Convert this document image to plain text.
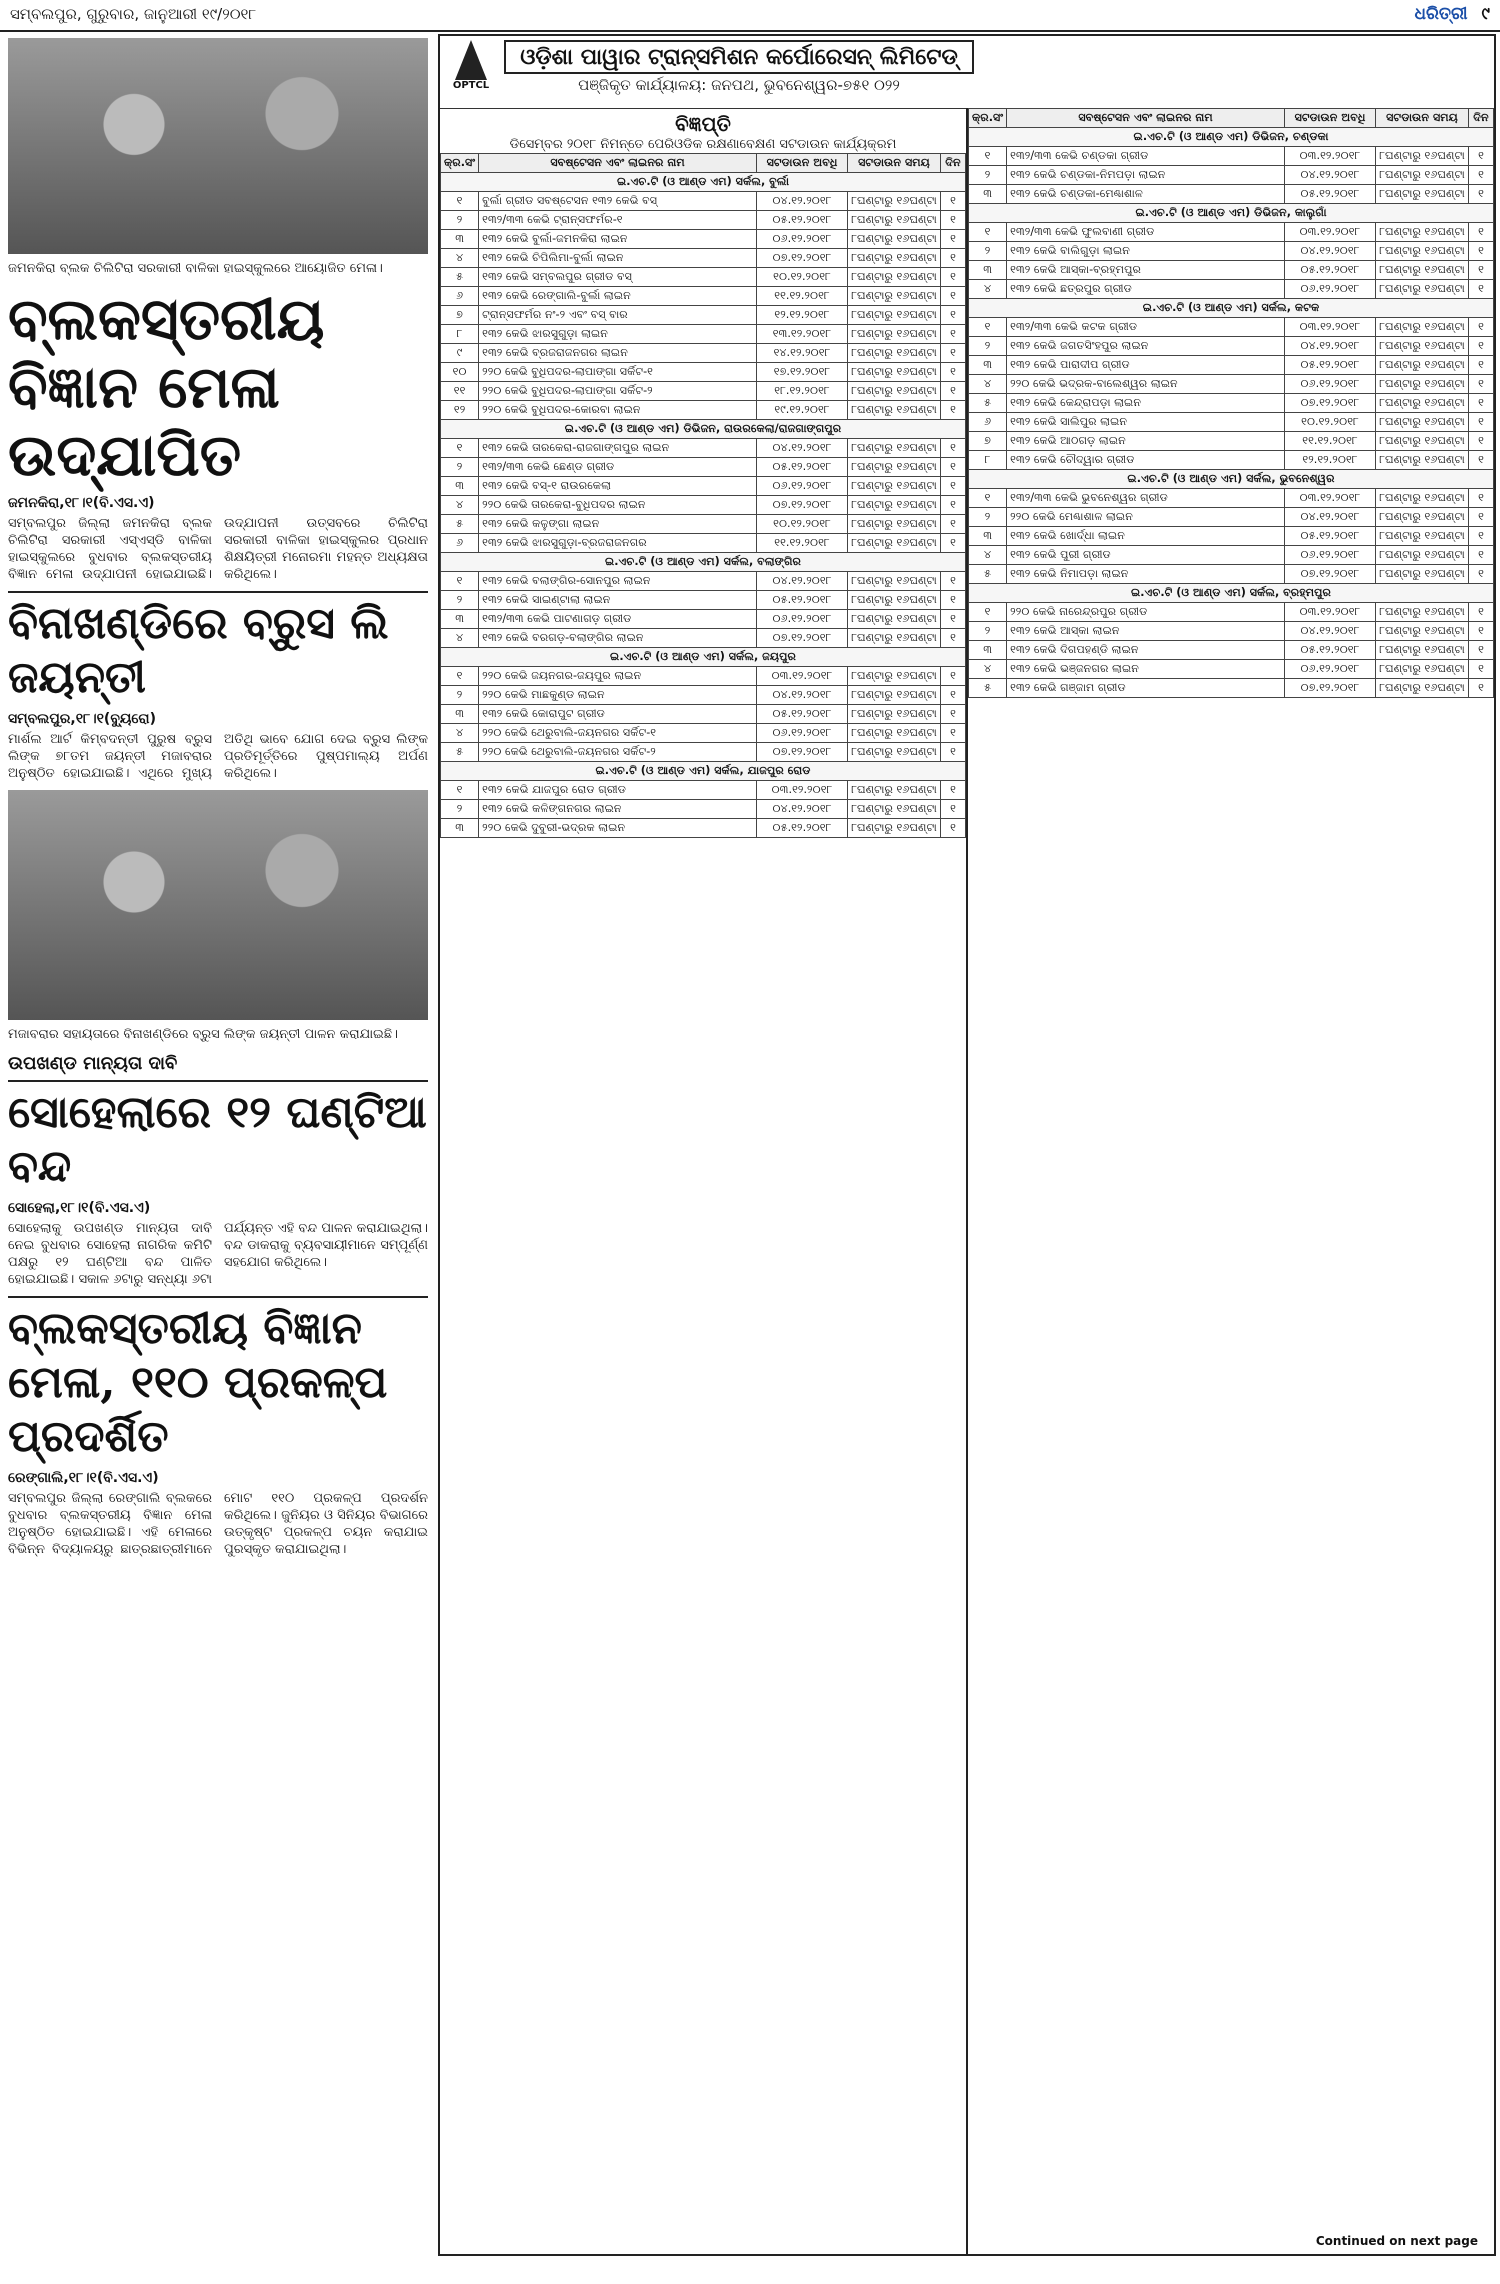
ସମ୍ବଲପୁର, ଗୁରୁବାର, ଜାନୁଆରୀ ୧୯/୨୦୧୮	ଧରିତ୍ରୀ ୯
ଜମନକିରା ବ୍ଲକ ଚିଲିଟିରା ସରକାରୀ ବାଳିକା ହାଇସ୍କୁଲରେ ଆୟୋଜିତ ମେଳା।
ବ୍ଲକସ୍ତରୀୟ ବିଜ୍ଞାନ ମେଳା ଉଦ୍‌ଯାପିତ
ଜମନକିରା,୧୮।୧(ବି.ଏସ.ଏ)
ସମ୍ବଲପୁର ଜିଲ୍ଲା ଜମନକିରା ବ୍ଲକ ଚିଲିଟିରା ସରକାରୀ ଏସ୍‌ଏସ୍‌ଡି ବାଳିକା ହାଇସ୍କୁଲରେ ବୁଧବାର ବ୍ଲକସ୍ତରୀୟ ବିଜ୍ଞାନ ମେଳା ଉଦ୍‌ଯାପନୀ ହୋଇଯାଇଛି। ଉଦ୍‌ଯାପନୀ ଉତ୍ସବରେ ଚିଲିଟିରା ସରକାରୀ ବାଳିକା ହାଇସ୍କୁଲର ପ୍ରଧାନ ଶିକ୍ଷୟିତ୍ରୀ ମନୋରମା ମହନ୍ତ ଅଧ୍ୟକ୍ଷତା କରିଥିଲେ।
ବିନାଖଣ୍ଡିରେ ବ୍ରୁସ ଲି ଜୟନ୍ତୀ
ସମ୍ବଲପୁର,୧୮।୧(ବ୍ୟୁରୋ)
ମାର୍ଶଲ ଆର୍ଟ କିମ୍ବଦନ୍ତୀ ପୁରୁଷ ବ୍ରୁସ ଲିଙ୍କ ୭୮ତମ ଜୟନ୍ତୀ ମଜାବରାର ଅନୁଷ୍ଠିତ ହୋଇଯାଇଛି। ଏଥିରେ ମୁଖ୍ୟ ଅତିଥି ଭାବେ ଯୋଗ ଦେଇ ବ୍ରୁସ ଲିଙ୍କ ପ୍ରତିମୂର୍ତ୍ତିରେ ପୁଷ୍ପମାଲ୍ୟ ଅର୍ପଣ କରିଥିଲେ।
ମଜାବରାର ସହାୟତାରେ ବିନାଖଣ୍ଡିରେ ବ୍ରୁସ ଲିଙ୍କ ଜୟନ୍ତୀ ପାଳନ କରାଯାଇଛି।
ଉପଖଣ୍ଡ ମାନ୍ୟତା ଦାବି
ସୋହେଲାରେ ୧୨ ଘଣ୍ଟିଆ ବନ୍ଦ
ସୋହେଲା,୧୮।୧(ବି.ଏସ.ଏ)
ସୋହେଲାକୁ ଉପଖଣ୍ଡ ମାନ୍ୟତା ଦାବି ନେଇ ବୁଧବାର ସୋହେଲା ନାଗରିକ କମିଟି ପକ୍ଷରୁ ୧୨ ଘଣ୍ଟିଆ ବନ୍ଦ ପାଳିତ ହୋଇଯାଇଛି। ସକାଳ ୬ଟାରୁ ସନ୍ଧ୍ୟା ୬ଟା ପର୍ଯ୍ୟନ୍ତ ଏହି ବନ୍ଦ ପାଳନ କରାଯାଇଥିଲା। ବନ୍ଦ ଡାକରାକୁ ବ୍ୟବସାୟୀମାନେ ସମ୍ପୂର୍ଣ୍ଣ ସହଯୋଗ କରିଥିଲେ।
ବ୍ଲକସ୍ତରୀୟ ବିଜ୍ଞାନ ମେଳା, ୧୧୦ ପ୍ରକଳ୍ପ ପ୍ରଦର୍ଶିତ
ରେଙ୍ଗାଲି,୧୮।୧(ବି.ଏସ.ଏ)
ସମ୍ବଲପୁର ଜିଲ୍ଲା ରେଙ୍ଗାଲି ବ୍ଲକରେ ବୁଧବାର ବ୍ଲକସ୍ତରୀୟ ବିଜ୍ଞାନ ମେଳା ଅନୁଷ୍ଠିତ ହୋଇଯାଇଛି। ଏହି ମେଳାରେ ବିଭିନ୍ନ ବିଦ୍ୟାଳୟରୁ ଛାତ୍ରଛାତ୍ରୀମାନେ ମୋଟ ୧୧୦ ପ୍ରକଳ୍ପ ପ୍ରଦର୍ଶନ କରିଥିଲେ। ଜୁନିୟର ଓ ସିନିୟର ବିଭାଗରେ ଉତ୍କୃଷ୍ଟ ପ୍ରକଳ୍ପ ଚୟନ କରାଯାଇ ପୁରସ୍କୃତ କରାଯାଇଥିଲା।
OPTCL
ଓଡ଼ିଶା ପାୱାର ଟ୍ରାନ୍ସମିଶନ କର୍ପୋରେସନ୍ ଲିମିଟେଡ୍
ପଞ୍ଜିକୃତ କାର୍ଯ୍ୟାଳୟ: ଜନପଥ, ଭୁବନେଶ୍ୱର-୭୫୧ ୦୨୨
ବିଜ୍ଞପ୍ତି
ଡିସେମ୍ବର ୨୦୧୮ ନିମନ୍ତେ ପେରିଓଡିକ ରକ୍ଷଣାବେକ୍ଷଣ ସଟଡାଉନ କାର୍ଯ୍ୟକ୍ରମ
କ୍ର.ସଂ	ସବଷ୍ଟେସନ ଏବଂ ଲାଇନର ନାମ	ସଟଡାଉନ ଅବଧି	ସଟଡାଉନ ସମୟ	ଦିନ
ଇ.ଏଚ.ଟି (ଓ ଆଣ୍ଡ ଏମ) ସର୍କଲ, ବୁର୍ଲା				
୧	ବୁର୍ଲା ଗ୍ରୀଡ ସବଷ୍ଟେସନ ୧୩୨ କେଭି ବସ୍	୦୪.୧୨.୨୦୧୮	୮ଘଣ୍ଟାରୁ ୧୬ଘଣ୍ଟା	୧
୨	୧୩୨/୩୩ କେଭି ଟ୍ରାନ୍ସଫର୍ମର-୧	୦୫.୧୨.୨୦୧୮	୮ଘଣ୍ଟାରୁ ୧୬ଘଣ୍ଟା	୧
୩	୧୩୨ କେଭି ବୁର୍ଲା-ଜମନକିରା ଲାଇନ	୦୬.୧୨.୨୦୧୮	୮ଘଣ୍ଟାରୁ ୧୬ଘଣ୍ଟା	୧
୪	୧୩୨ କେଭି ଚିପିଲିମା-ବୁର୍ଲା ଲାଇନ	୦୭.୧୨.୨୦୧୮	୮ଘଣ୍ଟାରୁ ୧୬ଘଣ୍ଟା	୧
୫	୧୩୨ କେଭି ସମ୍ବଲପୁର ଗ୍ରୀଡ ବସ୍	୧୦.୧୨.୨୦୧୮	୮ଘଣ୍ଟାରୁ ୧୬ଘଣ୍ଟା	୧
୬	୧୩୨ କେଭି ରେଙ୍ଗାଲି-ବୁର୍ଲା ଲାଇନ	୧୧.୧୨.୨୦୧୮	୮ଘଣ୍ଟାରୁ ୧୬ଘଣ୍ଟା	୧
୭	ଟ୍ରାନ୍ସଫର୍ମର ନଂ-୨ ଏବଂ ବସ୍ ବାର	୧୨.୧୨.୨୦୧୮	୮ଘଣ୍ଟାରୁ ୧୬ଘଣ୍ଟା	୧
୮	୧୩୨ କେଭି ଝାରସୁଗୁଡ଼ା ଲାଇନ	୧୩.୧୨.୨୦୧୮	୮ଘଣ୍ଟାରୁ ୧୬ଘଣ୍ଟା	୧
୯	୧୩୨ କେଭି ବ୍ରଜରାଜନଗର ଲାଇନ	୧୪.୧୨.୨୦୧୮	୮ଘଣ୍ଟାରୁ ୧୬ଘଣ୍ଟା	୧
୧୦	୨୨୦ କେଭି ବୁଧିପଦର-ଲାପାଙ୍ଗା ସର୍କିଟ-୧	୧୭.୧୨.୨୦୧୮	୮ଘଣ୍ଟାରୁ ୧୬ଘଣ୍ଟା	୧
୧୧	୨୨୦ କେଭି ବୁଧିପଦର-ଲାପାଙ୍ଗା ସର୍କିଟ-୨	୧୮.୧୨.୨୦୧୮	୮ଘଣ୍ଟାରୁ ୧୬ଘଣ୍ଟା	୧
୧୨	୨୨୦ କେଭି ବୁଧିପଦର-କୋରବା ଲାଇନ	୧୯.୧୨.୨୦୧୮	୮ଘଣ୍ଟାରୁ ୧୬ଘଣ୍ଟା	୧
ଇ.ଏଚ.ଟି (ଓ ଆଣ୍ଡ ଏମ) ଡିଭିଜନ, ରାଉରକେଲା/ରାଜଗାଙ୍ଗପୁର				
୧	୧୩୨ କେଭି ତାରକେରା-ରାଜଗାଙ୍ଗପୁର ଲାଇନ	୦୪.୧୨.୨୦୧୮	୮ଘଣ୍ଟାରୁ ୧୬ଘଣ୍ଟା	୧
୨	୧୩୨/୩୩ କେଭି ଛେଣ୍ଡ ଗ୍ରୀଡ	୦୫.୧୨.୨୦୧୮	୮ଘଣ୍ଟାରୁ ୧୬ଘଣ୍ଟା	୧
୩	୧୩୨ କେଭି ବସ୍-୧ ରାଉରକେଲା	୦୬.୧୨.୨୦୧୮	୮ଘଣ୍ଟାରୁ ୧୬ଘଣ୍ଟା	୧
୪	୨୨୦ କେଭି ତାରକେରା-ବୁଧିପଦର ଲାଇନ	୦୭.୧୨.୨୦୧୮	୮ଘଣ୍ଟାରୁ ୧୬ଘଣ୍ଟା	୧
୫	୧୩୨ କେଭି କଳୁଙ୍ଗା ଲାଇନ	୧୦.୧୨.୨୦୧୮	୮ଘଣ୍ଟାରୁ ୧୬ଘଣ୍ଟା	୧
୬	୧୩୨ କେଭି ଝାରସୁଗୁଡ଼ା-ବ୍ରଜରାଜନଗର	୧୧.୧୨.୨୦୧୮	୮ଘଣ୍ଟାରୁ ୧୬ଘଣ୍ଟା	୧
ଇ.ଏଚ.ଟି (ଓ ଆଣ୍ଡ ଏମ) ସର୍କଲ, ବଲାଙ୍ଗିର				
୧	୧୩୨ କେଭି ବଲାଙ୍ଗିର-ସୋନପୁର ଲାଇନ	୦୪.୧୨.୨୦୧୮	୮ଘଣ୍ଟାରୁ ୧୬ଘଣ୍ଟା	୧
୨	୧୩୨ କେଭି ସାଇଣ୍ଟାଲା ଲାଇନ	୦୫.୧୨.୨୦୧୮	୮ଘଣ୍ଟାରୁ ୧୬ଘଣ୍ଟା	୧
୩	୧୩୨/୩୩ କେଭି ପାଟଣାଗଡ଼ ଗ୍ରୀଡ	୦୬.୧୨.୨୦୧୮	୮ଘଣ୍ଟାରୁ ୧୬ଘଣ୍ଟା	୧
୪	୧୩୨ କେଭି ବରଗଡ଼-ବଲାଙ୍ଗିର ଲାଇନ	୦୭.୧୨.୨୦୧୮	୮ଘଣ୍ଟାରୁ ୧୬ଘଣ୍ଟା	୧
ଇ.ଏଚ.ଟି (ଓ ଆଣ୍ଡ ଏମ) ସର୍କଲ, ଜୟପୁର				
୧	୨୨୦ କେଭି ଜୟନଗର-ଜୟପୁର ଲାଇନ	୦୩.୧୨.୨୦୧୮	୮ଘଣ୍ଟାରୁ ୧୬ଘଣ୍ଟା	୧
୨	୨୨୦ କେଭି ମାଛକୁଣ୍ଡ ଲାଇନ	୦୪.୧୨.୨୦୧୮	୮ଘଣ୍ଟାରୁ ୧୬ଘଣ୍ଟା	୧
୩	୧୩୨ କେଭି କୋରାପୁଟ ଗ୍ରୀଡ	୦୫.୧୨.୨୦୧୮	୮ଘଣ୍ଟାରୁ ୧୬ଘଣ୍ଟା	୧
୪	୨୨୦ କେଭି ଥେରୁବାଲି-ଜୟନଗର ସର୍କିଟ-୧	୦୬.୧୨.୨୦୧୮	୮ଘଣ୍ଟାରୁ ୧୬ଘଣ୍ଟା	୧
୫	୨୨୦ କେଭି ଥେରୁବାଲି-ଜୟନଗର ସର୍କିଟ-୨	୦୭.୧୨.୨୦୧୮	୮ଘଣ୍ଟାରୁ ୧୬ଘଣ୍ଟା	୧
ଇ.ଏଚ.ଟି (ଓ ଆଣ୍ଡ ଏମ) ସର୍କଲ, ଯାଜପୁର ରୋଡ				
୧	୧୩୨ କେଭି ଯାଜପୁର ରୋଡ ଗ୍ରୀଡ	୦୩.୧୨.୨୦୧୮	୮ଘଣ୍ଟାରୁ ୧୬ଘଣ୍ଟା	୧
୨	୧୩୨ କେଭି କଳିଙ୍ଗନଗର ଲାଇନ	୦୪.୧୨.୨୦୧୮	୮ଘଣ୍ଟାରୁ ୧୬ଘଣ୍ଟା	୧
୩	୨୨୦ କେଭି ଦୁବୁରୀ-ଭଦ୍ରକ ଲାଇନ	୦୫.୧୨.୨୦୧୮	୮ଘଣ୍ଟାରୁ ୧୬ଘଣ୍ଟା	୧
କ୍ର.ସଂ	ସବଷ୍ଟେସନ ଏବଂ ଲାଇନର ନାମ	ସଟଡାଉନ ଅବଧି	ସଟଡାଉନ ସମୟ	ଦିନ
ଇ.ଏଚ.ଟି (ଓ ଆଣ୍ଡ ଏମ) ଡିଭିଜନ, ଚଣ୍ଡକା				
୧	୧୩୨/୩୩ କେଭି ଚଣ୍ଡକା ଗ୍ରୀଡ	୦୩.୧୨.୨୦୧୮	୮ଘଣ୍ଟାରୁ ୧୬ଘଣ୍ଟା	୧
୨	୧୩୨ କେଭି ଚଣ୍ଡକା-ନିମପଡ଼ା ଲାଇନ	୦୪.୧୨.୨୦୧୮	୮ଘଣ୍ଟାରୁ ୧୬ଘଣ୍ଟା	୧
୩	୧୩୨ କେଭି ଚଣ୍ଡକା-ମେଣ୍ଢାଶାଳ	୦୫.୧୨.୨୦୧୮	୮ଘଣ୍ଟାରୁ ୧୬ଘଣ୍ଟା	୧
ଇ.ଏଚ.ଟି (ଓ ଆଣ୍ଡ ଏମ) ଡିଭିଜନ, କାଲୁଗାଁ				
୧	୧୩୨/୩୩ କେଭି ଫୁଲବାଣୀ ଗ୍ରୀଡ	୦୩.୧୨.୨୦୧୮	୮ଘଣ୍ଟାରୁ ୧୬ଘଣ୍ଟା	୧
୨	୧୩୨ କେଭି ବାଲିଗୁଡ଼ା ଲାଇନ	୦୪.୧୨.୨୦୧୮	୮ଘଣ୍ଟାରୁ ୧୬ଘଣ୍ଟା	୧
୩	୧୩୨ କେଭି ଆସ୍କା-ବ୍ରହ୍ମପୁର	୦୫.୧୨.୨୦୧୮	୮ଘଣ୍ଟାରୁ ୧୬ଘଣ୍ଟା	୧
୪	୧୩୨ କେଭି ଛତ୍ରପୁର ଗ୍ରୀଡ	୦୬.୧୨.୨୦୧୮	୮ଘଣ୍ଟାରୁ ୧୬ଘଣ୍ଟା	୧
ଇ.ଏଚ.ଟି (ଓ ଆଣ୍ଡ ଏମ) ସର୍କଲ, କଟକ				
୧	୧୩୨/୩୩ କେଭି କଟକ ଗ୍ରୀଡ	୦୩.୧୨.୨୦୧୮	୮ଘଣ୍ଟାରୁ ୧୬ଘଣ୍ଟା	୧
୨	୧୩୨ କେଭି ଜଗତସିଂହପୁର ଲାଇନ	୦୪.୧୨.୨୦୧୮	୮ଘଣ୍ଟାରୁ ୧୬ଘଣ୍ଟା	୧
୩	୧୩୨ କେଭି ପାରାଦୀପ ଗ୍ରୀଡ	୦୫.୧୨.୨୦୧୮	୮ଘଣ୍ଟାରୁ ୧୬ଘଣ୍ଟା	୧
୪	୨୨୦ କେଭି ଭଦ୍ରକ-ବାଲେଶ୍ୱର ଲାଇନ	୦୬.୧୨.୨୦୧୮	୮ଘଣ୍ଟାରୁ ୧୬ଘଣ୍ଟା	୧
୫	୧୩୨ କେଭି କେନ୍ଦ୍ରାପଡ଼ା ଲାଇନ	୦୭.୧୨.୨୦୧୮	୮ଘଣ୍ଟାରୁ ୧୬ଘଣ୍ଟା	୧
୬	୧୩୨ କେଭି ସାଲିପୁର ଲାଇନ	୧୦.୧୨.୨୦୧୮	୮ଘଣ୍ଟାରୁ ୧୬ଘଣ୍ଟା	୧
୭	୧୩୨ କେଭି ଆଠଗଡ଼ ଲାଇନ	୧୧.୧୨.୨୦୧୮	୮ଘଣ୍ଟାରୁ ୧୬ଘଣ୍ଟା	୧
୮	୧୩୨ କେଭି ଚୌଦ୍ୱାର ଗ୍ରୀଡ	୧୨.୧୨.୨୦୧୮	୮ଘଣ୍ଟାରୁ ୧୬ଘଣ୍ଟା	୧
ଇ.ଏଚ.ଟି (ଓ ଆଣ୍ଡ ଏମ) ସର୍କଲ, ଭୁବନେଶ୍ୱର				
୧	୧୩୨/୩୩ କେଭି ଭୁବନେଶ୍ୱର ଗ୍ରୀଡ	୦୩.୧୨.୨୦୧୮	୮ଘଣ୍ଟାରୁ ୧୬ଘଣ୍ଟା	୧
୨	୨୨୦ କେଭି ମେଣ୍ଢାଶାଳ ଲାଇନ	୦୪.୧୨.୨୦୧୮	୮ଘଣ୍ଟାରୁ ୧୬ଘଣ୍ଟା	୧
୩	୧୩୨ କେଭି ଖୋର୍ଦ୍ଧା ଲାଇନ	୦୫.୧୨.୨୦୧୮	୮ଘଣ୍ଟାରୁ ୧୬ଘଣ୍ଟା	୧
୪	୧୩୨ କେଭି ପୁରୀ ଗ୍ରୀଡ	୦୬.୧୨.୨୦୧୮	୮ଘଣ୍ଟାରୁ ୧୬ଘଣ୍ଟା	୧
୫	୧୩୨ କେଭି ନିମାପଡ଼ା ଲାଇନ	୦୭.୧୨.୨୦୧୮	୮ଘଣ୍ଟାରୁ ୧୬ଘଣ୍ଟା	୧
ଇ.ଏଚ.ଟି (ଓ ଆଣ୍ଡ ଏମ) ସର୍କଲ, ବ୍ରହ୍ମପୁର				
୧	୨୨୦ କେଭି ନାରେନ୍ଦ୍ରପୁର ଗ୍ରୀଡ	୦୩.୧୨.୨୦୧୮	୮ଘଣ୍ଟାରୁ ୧୬ଘଣ୍ଟା	୧
୨	୧୩୨ କେଭି ଆସ୍କା ଲାଇନ	୦୪.୧୨.୨୦୧୮	୮ଘଣ୍ଟାରୁ ୧୬ଘଣ୍ଟା	୧
୩	୧୩୨ କେଭି ଦିଗପହଣ୍ଡି ଲାଇନ	୦୫.୧୨.୨୦୧୮	୮ଘଣ୍ଟାରୁ ୧୬ଘଣ୍ଟା	୧
୪	୧୩୨ କେଭି ଭଞ୍ଜନଗର ଲାଇନ	୦୬.୧୨.୨୦୧୮	୮ଘଣ୍ଟାରୁ ୧୬ଘଣ୍ଟା	୧
୫	୧୩୨ କେଭି ଗଞ୍ଜାମ ଗ୍ରୀଡ	୦୭.୧୨.୨୦୧୮	୮ଘଣ୍ଟାରୁ ୧୬ଘଣ୍ଟା	୧
Continued on next page
